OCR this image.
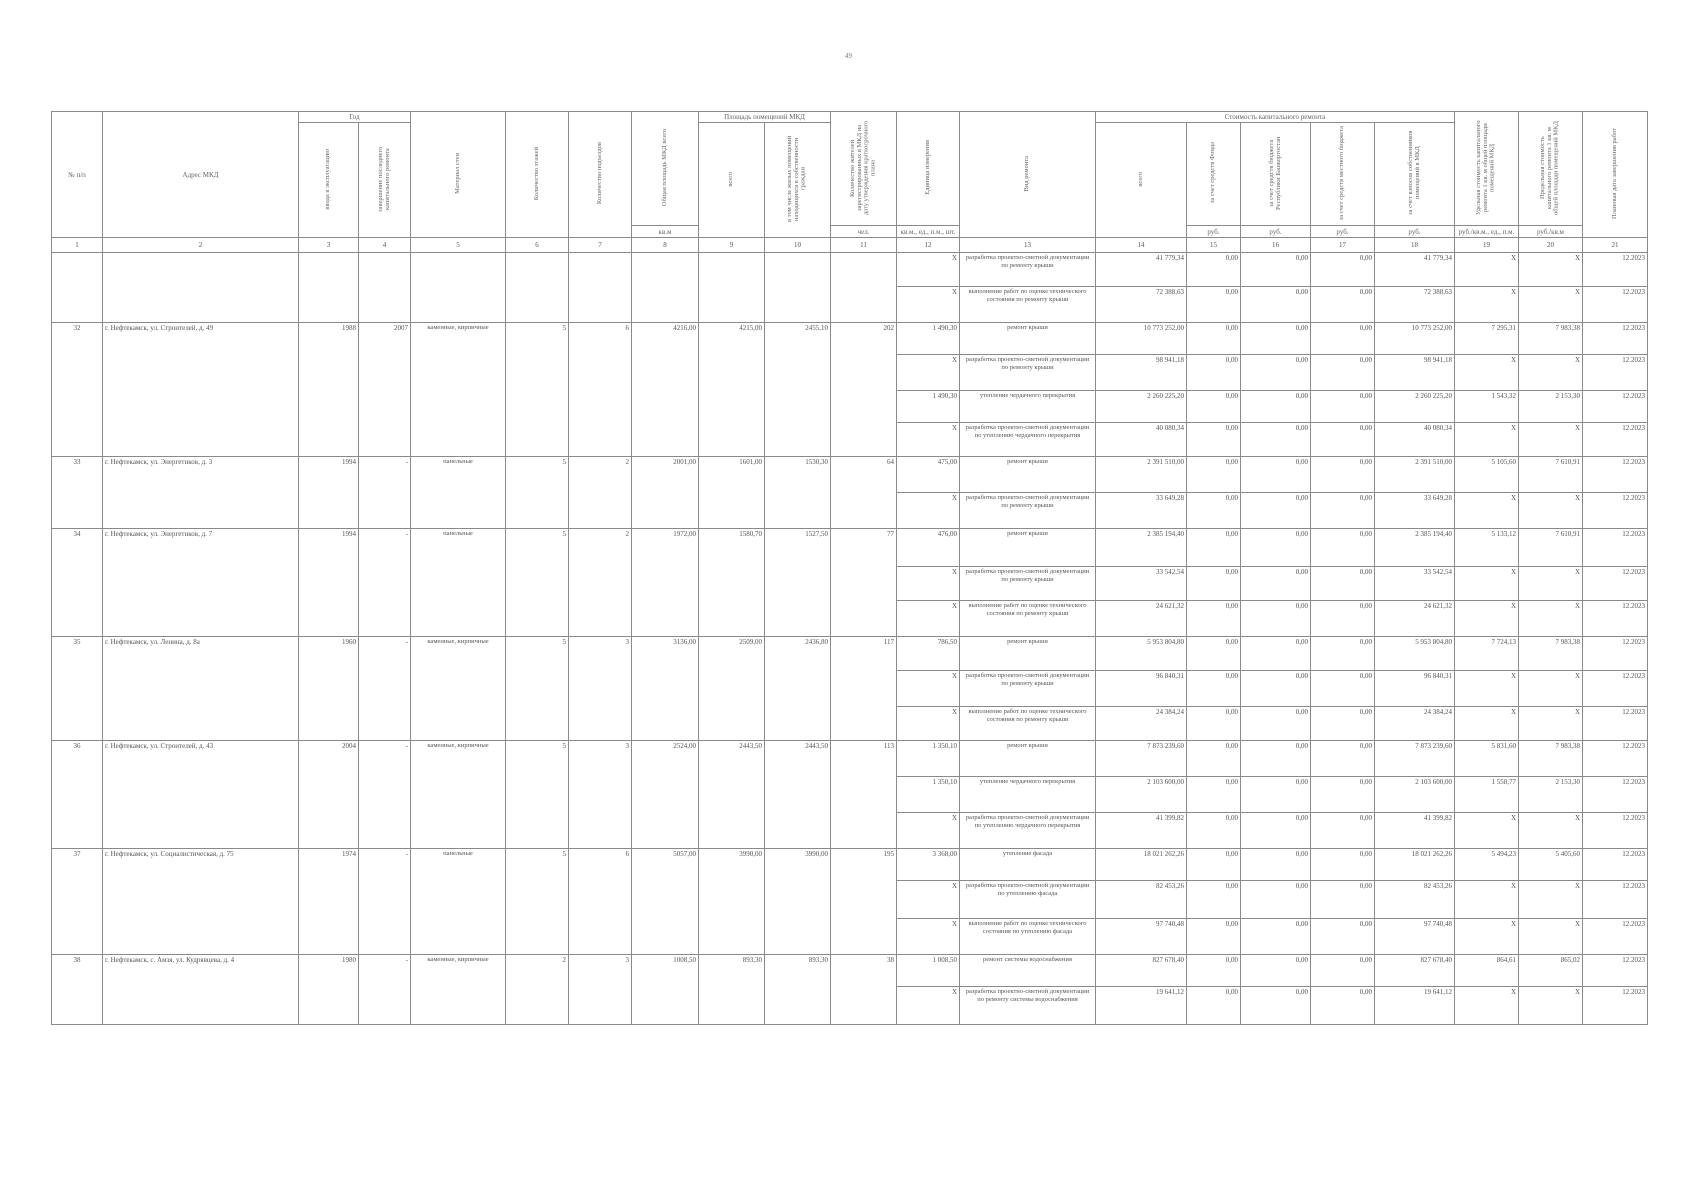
49
№ п/п	Адрес МКД	Год		Материал стен	Количество этажей	Количество подъездов	Общая площадь МКД всего	Площадь помещений МКД		Количество жителей зарегистрированных в МКД на дату утверждения краткосрочного плана	Единица измерения	Вид ремонта	Стоимость капитального ремонта					Удельная стоимость капитального ремонта 1 кв. м общей площади помещений МКД	Предельная стоимость капитального ремонта 1 кв. м общей площади помещений МКД	Плановая дата завершения работ
		ввода в эксплуатацию	завершение последнего капитального ремонта					всего	в том числе жилых помещений находящихся в собственности граждан				всего	за счет средств Фонда	за счет средств бюджета Республики Башкортостан	за счет средств местного бюджета	за счет взносов собственников помещений в МКД			
							кв.м			чел.	кв.м., ед., п.м., шт.			руб.	руб.	руб.	руб.	руб./кв.м., ед., п.м.	руб./кв.м	
1	2	3	4	5	6	7	8	9	10	11	12	13	14	15	16	17	18	19	20	21
											X	разработка проектно-сметной документации по ремонту крыши	41 779,34	0,00	0,00	0,00	41 779,34	X	X	12.2023
											X	выполнение работ по оценке технического состояния по ремонту крыши	72 388,63	0,00	0,00	0,00	72 388,63	X	X	12.2023
32	г. Нефтекамск, ул. Строителей, д. 49	1988	2007	каменные, кирпичные	5	6	4216,00	4215,00	2455,10	202	1 490,30	ремонт крыши	10 773 252,00	0,00	0,00	0,00	10 773 252,00	7 295,31	7 983,38	12.2023
											X	разработка проектно-сметной документации по ремонту крыши	98 941,18	0,00	0,00	0,00	98 941,18	X	X	12.2023
											1 490,30	утепление чердачного перекрытия	2 260 225,20	0,00	0,00	0,00	2 260 225,20	1 543,32	2 153,30	12.2023
											X	разработка проектно-сметной документации по утеплению чердачного перекрытия	40 080,34	0,00	0,00	0,00	40 080,34	X	X	12.2023
33	г. Нефтекамск, ул. Энергетиков, д. 3	1994	-	панельные	5	2	2001,00	1601,00	1530,30	64	475,00	ремонт крыши	2 391 510,00	0,00	0,00	0,00	2 391 510,00	5 105,60	7 610,91	12.2023
											X	разработка проектно-сметной документации по ремонту крыши	33 649,28	0,00	0,00	0,00	33 649,28	X	X	12.2023
34	г. Нефтекамск, ул. Энергетиков, д. 7	1994	-	панельные	5	2	1972,00	1580,70	1527,50	77	476,00	ремонт крыши	2 385 194,40	0,00	0,00	0,00	2 385 194,40	5 133,12	7 610,91	12.2023
											X	разработка проектно-сметной документации по ремонту крыши	33 542,54	0,00	0,00	0,00	33 542,54	X	X	12.2023
											X	выполнение работ по оценке технического состояния по ремонту крыши	24 621,32	0,00	0,00	0,00	24 621,32	X	X	12.2023
35	г. Нефтекамск, ул. Ленина, д. 8а	1960	-	каменные, кирпичные	5	3	3136,00	2509,00	2436,80	117	786,50	ремонт крыши	5 953 804,80	0,00	0,00	0,00	5 953 804,80	7 724,13	7 983,38	12.2023
											X	разработка проектно-сметной документации по ремонту крыши	96 840,31	0,00	0,00	0,00	96 840,31	X	X	12.2023
											X	выполнение работ по оценке технического состояния по ремонту крыши	24 384,24	0,00	0,00	0,00	24 384,24	X	X	12.2023
36	г. Нефтекамск, ул. Строителей, д. 43	2004	-	каменные, кирпичные	5	3	2524,00	2443,50	2443,50	113	1 350,10	ремонт крыши	7 873 239,60	0,00	0,00	0,00	7 873 239,60	5 831,60	7 983,38	12.2023
											1 350,10	утепление чердачного перекрытия	2 103 600,00	0,00	0,00	0,00	2 103 600,00	1 558,77	2 153,30	12.2023
											X	разработка проектно-сметной документации по утеплению чердачного перекрытия	41 399,82	0,00	0,00	0,00	41 399,82	X	X	12.2023
37	г. Нефтекамск, ул. Социалистическая, д. 75	1974	-	панельные	5	6	5057,00	3990,00	3990,00	195	3 368,00	утепление фасада	18 021 262,26	0,00	0,00	0,00	18 021 262,26	5 494,23	5 405,60	12.2023
											X	разработка проектно-сметной документации по утеплению фасада	82 453,26	0,00	0,00	0,00	82 453,26	X	X	12.2023
											X	выполнение работ по оценке технического состояния по утеплению фасада	97 740,48	0,00	0,00	0,00	97 740,48	X	X	12.2023
38	г. Нефтекамск, с. Амзя, ул. Кудрявцева, д. 4	1980	-	каменные, кирпичные	2	3	1008,50	893,30	893,30	38	1 008,50	ремонт системы водоснабжения	827 678,40	0,00	0,00	0,00	827 678,40	864,61	865,02	12.2023
											X	разработка проектно-сметной документации по ремонту системы водоснабжения	19 641,12	0,00	0,00	0,00	19 641,12	X	X	12.2023
